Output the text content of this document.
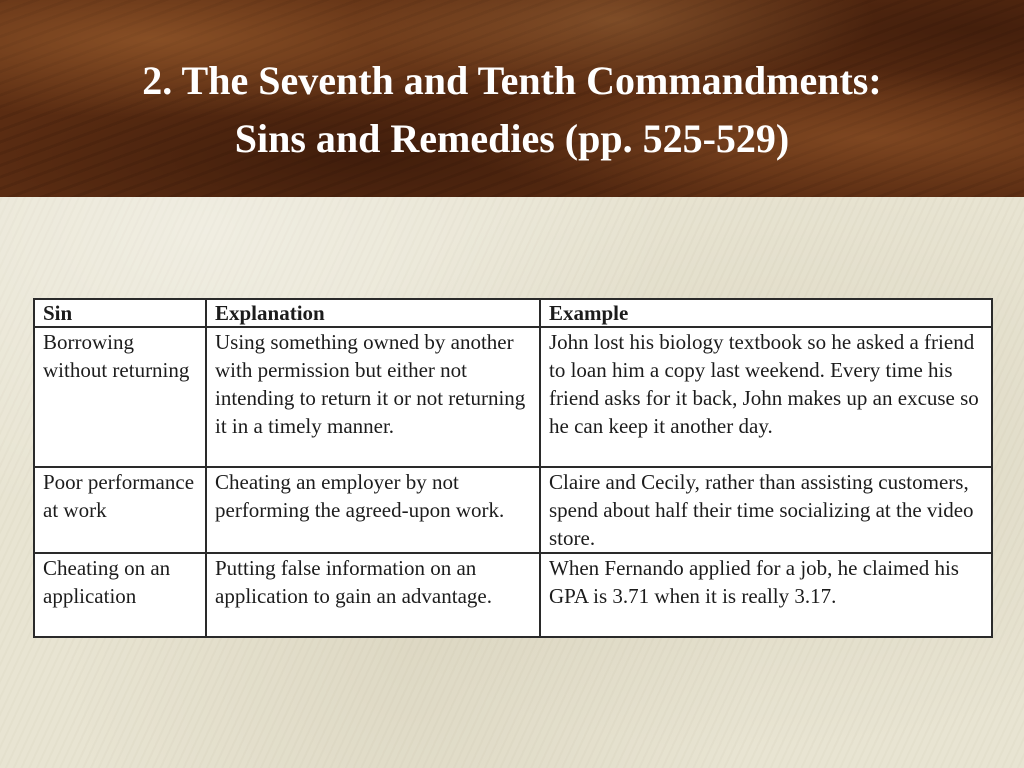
2. The Seventh and Tenth Commandments:
Sins and Remedies (pp. 525-529)
Sin	Explanation	Example
Borrowing without returning	Using something owned by another with permission but either not intending to return it or not returning it in a timely manner.	John lost his biology textbook so he asked a friend to loan him a copy last weekend. Every time his friend asks for it back, John makes up an excuse so he can keep it another day.
Poor performance at work	Cheating an employer by not performing the agreed-upon work.	Claire and Cecily, rather than assisting customers, spend about half their time socializing at the video store.
Cheating on an application	Putting false information on an application to gain an advantage.	When Fernando applied for a job, he claimed his GPA is 3.71 when it is really 3.17.
